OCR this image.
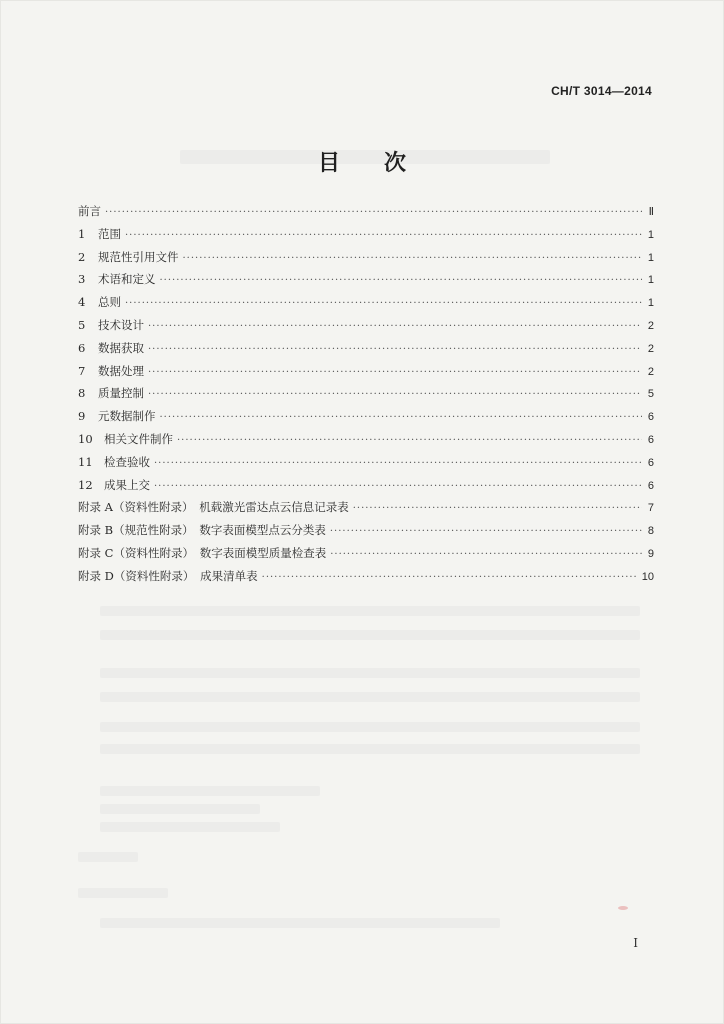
CH/T 3014—2014
目次
前言 ·····	Ⅱ
1	范围 ·····	1
2	规范性引用文件 ·····	1
3	术语和定义 ·····	1
4	总则 ·····	1
5	技术设计 ·····	2
6	数据获取 ·····	2
7	数据处理 ·····	2
8	质量控制 ·····	5
9	元数据制作 ·····	6
10 相关文件制作 ·····	6
11 检查验收 ·····	6
12 成果上交 ·····	6
附录 A （资料性附录）　机载激光雷达点云信息记录表 ·····	7
附录 B （规范性附录）　数字表面模型点云分类表 ·····	8
附录 C （资料性附录）　数字表面模型质量检查表 ·····	9
附录 D （资料性附录）　成果清单表 ·····	10
I
